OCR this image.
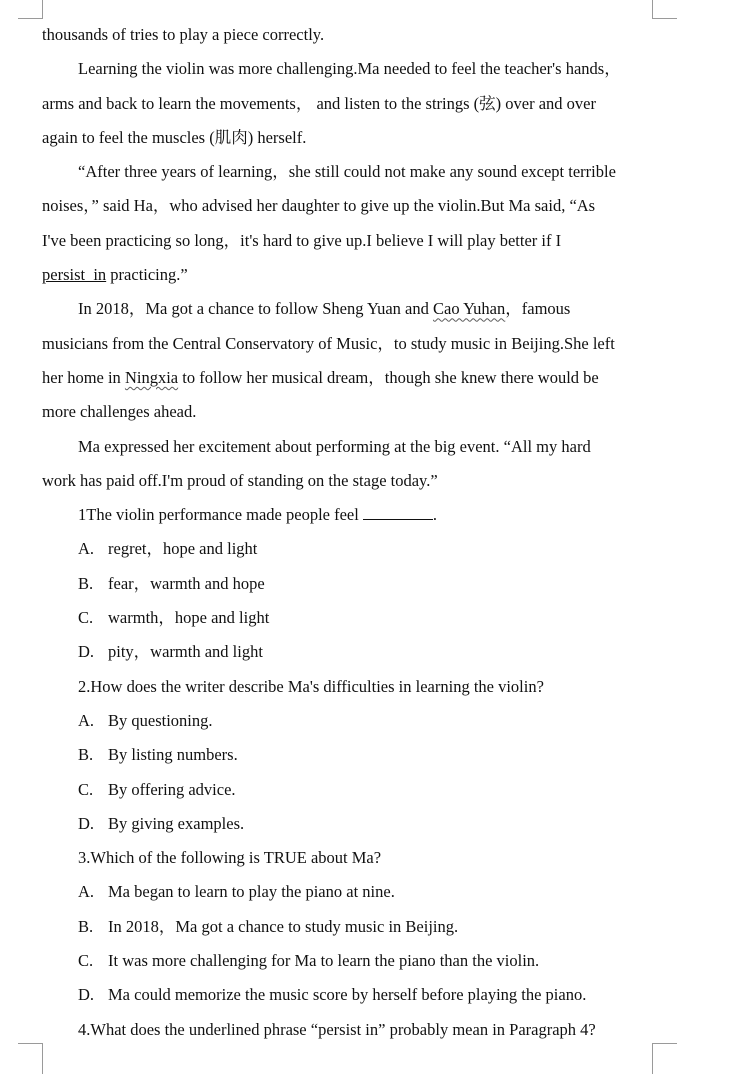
thousands of tries to play a piece correctly.
Learning the violin was more challenging.Ma needed to feel the teacher's hands，
arms and back to learn the movements， and listen to the strings (弦) over and over
again to feel the muscles (肌肉) herself.
“After three years of learning，she still could not make any sound except terrible
noises，” said Ha，who advised her daughter to give up the violin.But Ma said, “As
I've been practicing so long，it's hard to give up.I believe I will play better if I
persist_in practicing.”
In 2018，Ma got a chance to follow Sheng Yuan and Cao Yuhan，famous
musicians from the Central Conservatory of Music，to study music in Beijing.She left
her home in Ningxia to follow her musical dream，though she knew there would be
more challenges ahead.
Ma expressed her excitement about performing at the big event. “All my hard
work has paid off.I'm proud of standing on the stage today.”
1The violin performance made people feel	.
A. regret，hope and light
B. fear，warmth and hope
C. warmth，hope and light
D. pity，warmth and light
2.How does the writer describe Ma's difficulties in learning the violin?
A. By questioning.
B. By listing numbers.
C. By offering advice.
D. By giving examples.
3.Which of the following is TRUE about Ma?
A. Ma began to learn to play the piano at nine.
B. In 2018，Ma got a chance to study music in Beijing.
C. It was more challenging for Ma to learn the piano than the violin.
D. Ma could memorize the music score by herself before playing the piano.
4.What does the underlined phrase “persist in” probably mean in Paragraph 4?
